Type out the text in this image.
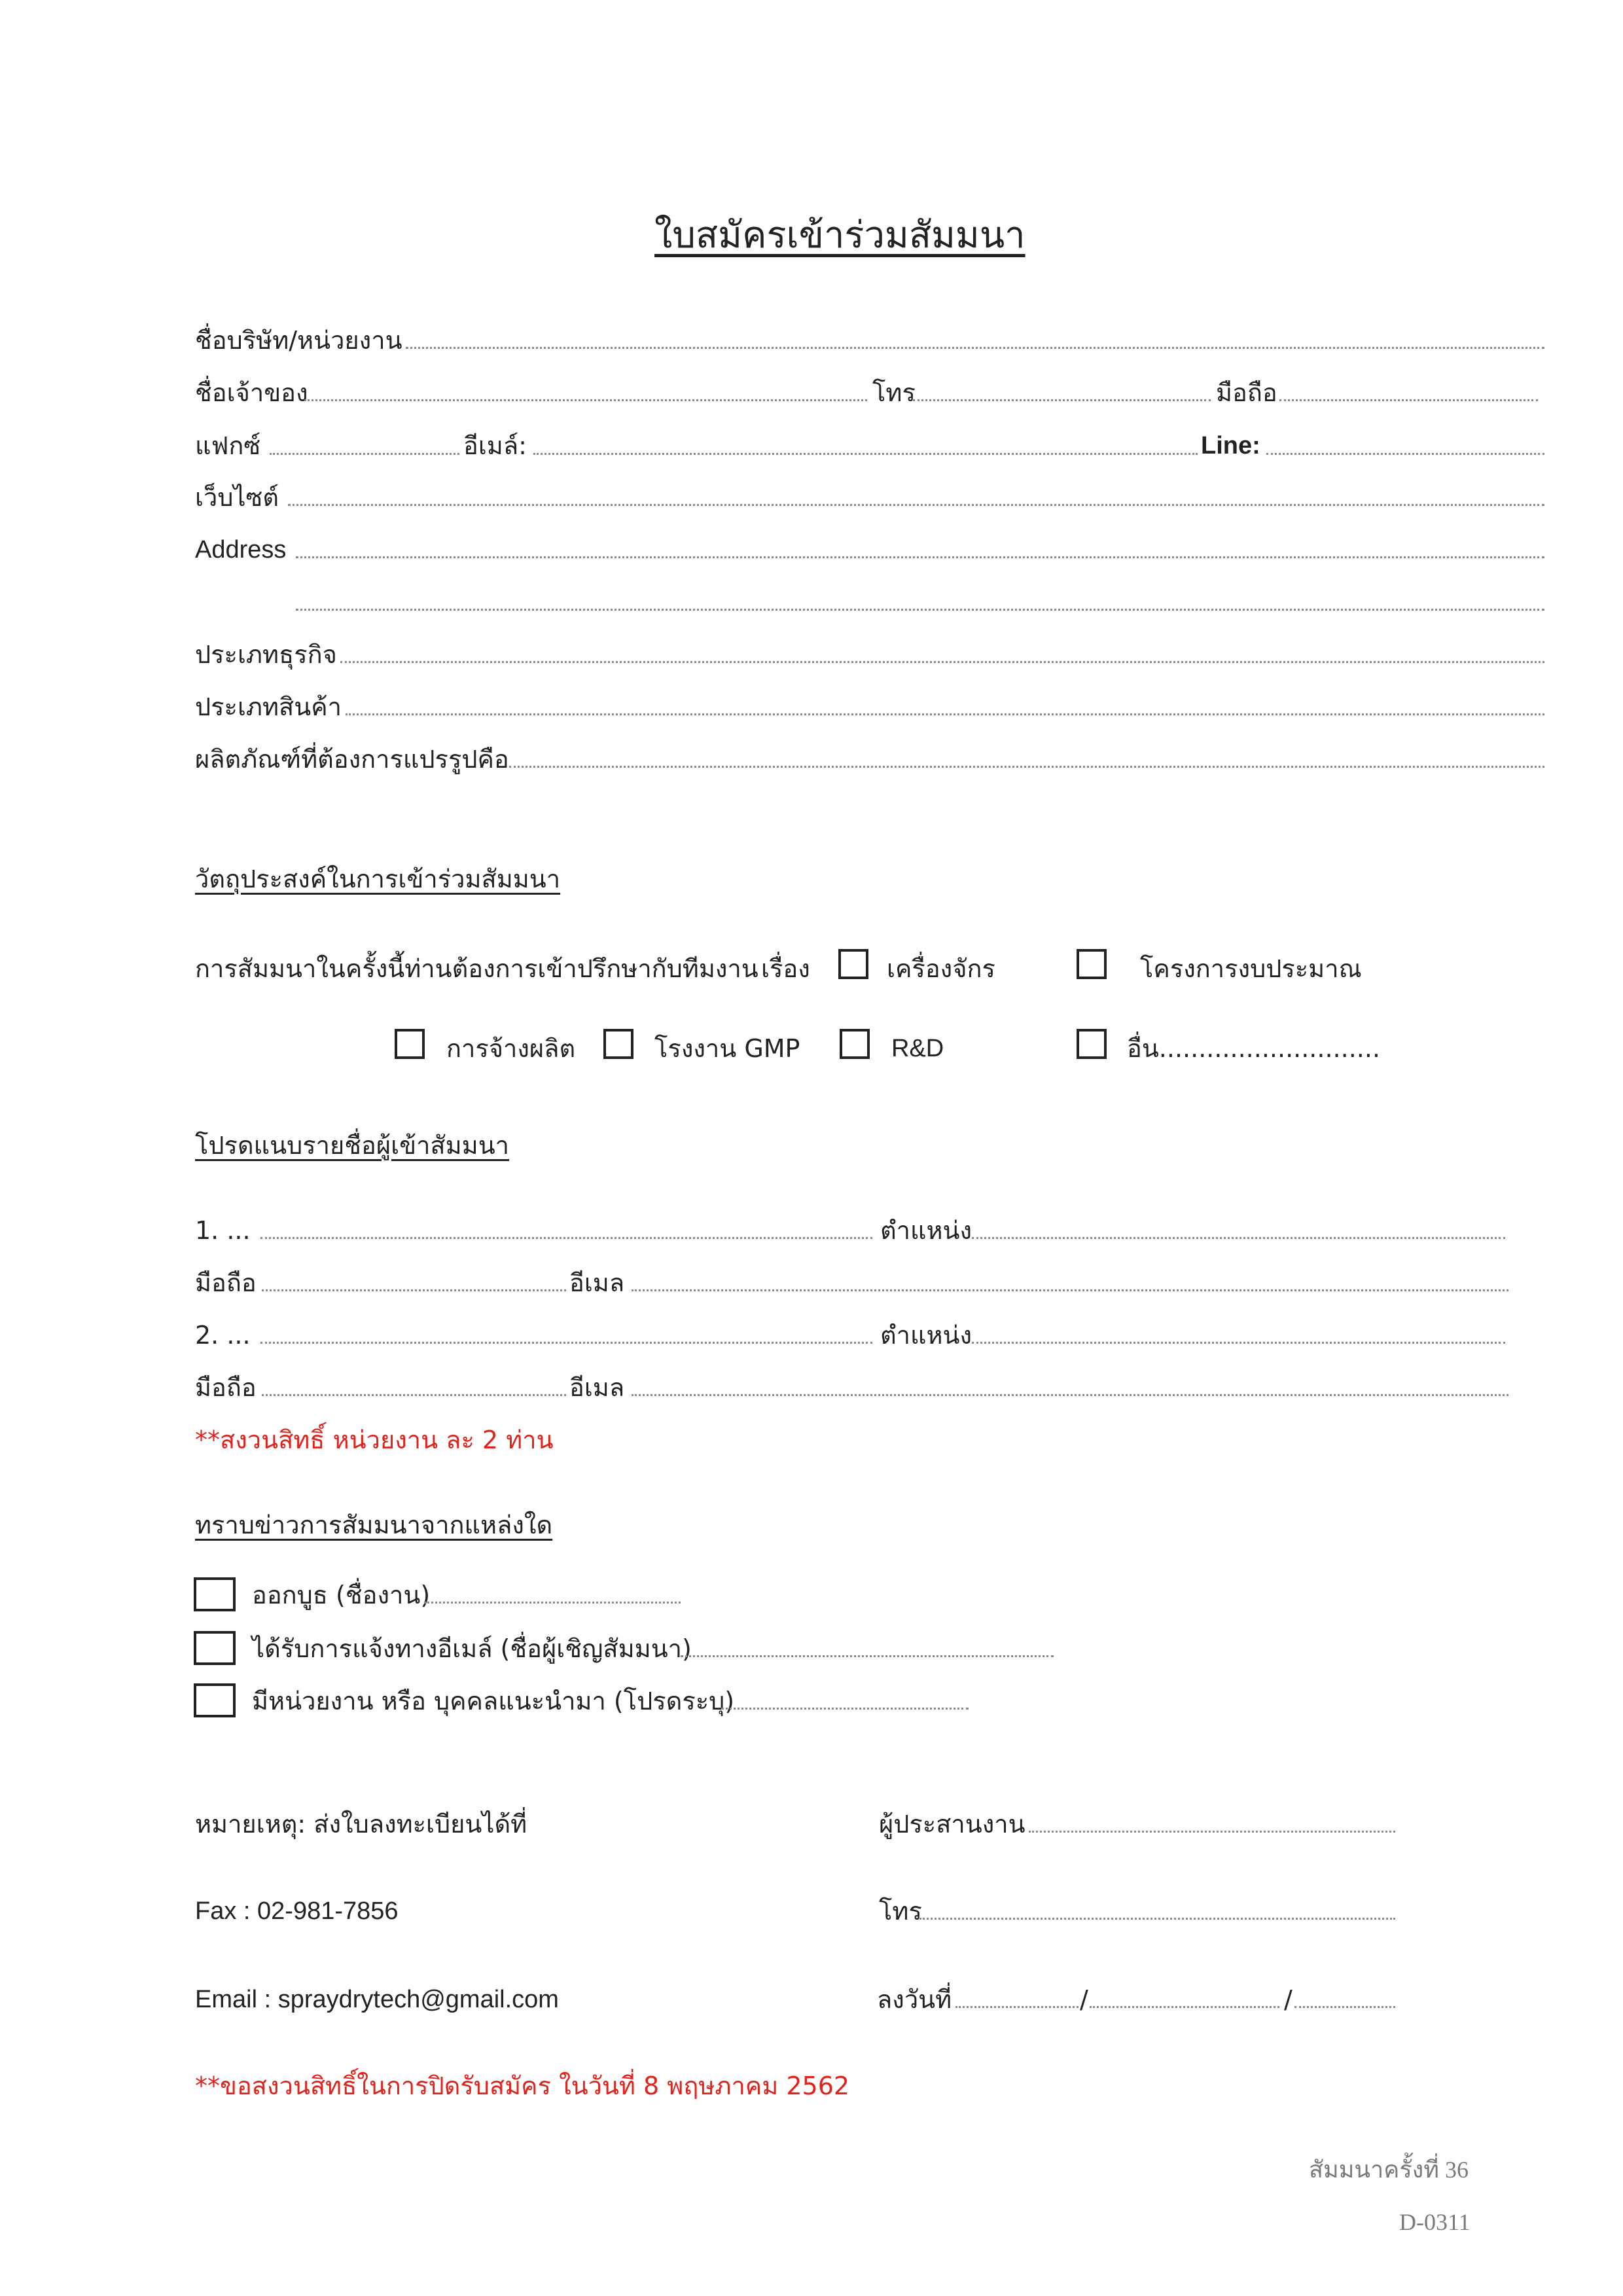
ใบสมัครเข้าร่วมสัมมนา
ชื่อบริษัท/หน่วยงาน
ชื่อเจ้าของ	โทร	มือถือ
แฟกซ์	อีเมล์:	Line:
เว็บไซต์
Address
ประเภทธุรกิจ
ประเภทสินค้า
ผลิตภัณฑ์ที่ต้องการแปรรูปคือ
วัตถุประสงค์ในการเข้าร่วมสัมมนา
การสัมมนาในครั้งนี้ท่านต้องการเข้าปรึกษากับทีมงาน เรื่อง	เครื่องจักร	โครงการงบประมาณ
การจ้างผลิต	โรงงาน GMP	R&D	อื่น............................
โปรดแนบรายชื่อผู้เข้าสัมมนา
1. ...	ตำแหน่ง
มือถือ	อีเมล
2. ...	ตำแหน่ง
มือถือ	อีเมล
**สงวนสิทธิ์ หน่วยงาน ละ 2 ท่าน
ทราบข่าวการสัมมนาจากแหล่งใด
ออกบูธ (ชื่องาน)
ได้รับการแจ้งทางอีเมล์ (ชื่อผู้เชิญสัมมนา)
มีหน่วยงาน หรือ บุคคลแนะนำมา (โปรดระบุ)
หมายเหตุ: ส่งใบลงทะเบียนได้ที่	ผู้ประสานงาน
Fax : 02-981-7856	โทร
Email : spraydrytech@gmail.com	ลงวันที่	/	/
**ขอสงวนสิทธิ์ในการปิดรับสมัคร ในวันที่ 8 พฤษภาคม 2562
สัมมนาครั้งที่ 36
D-0311
